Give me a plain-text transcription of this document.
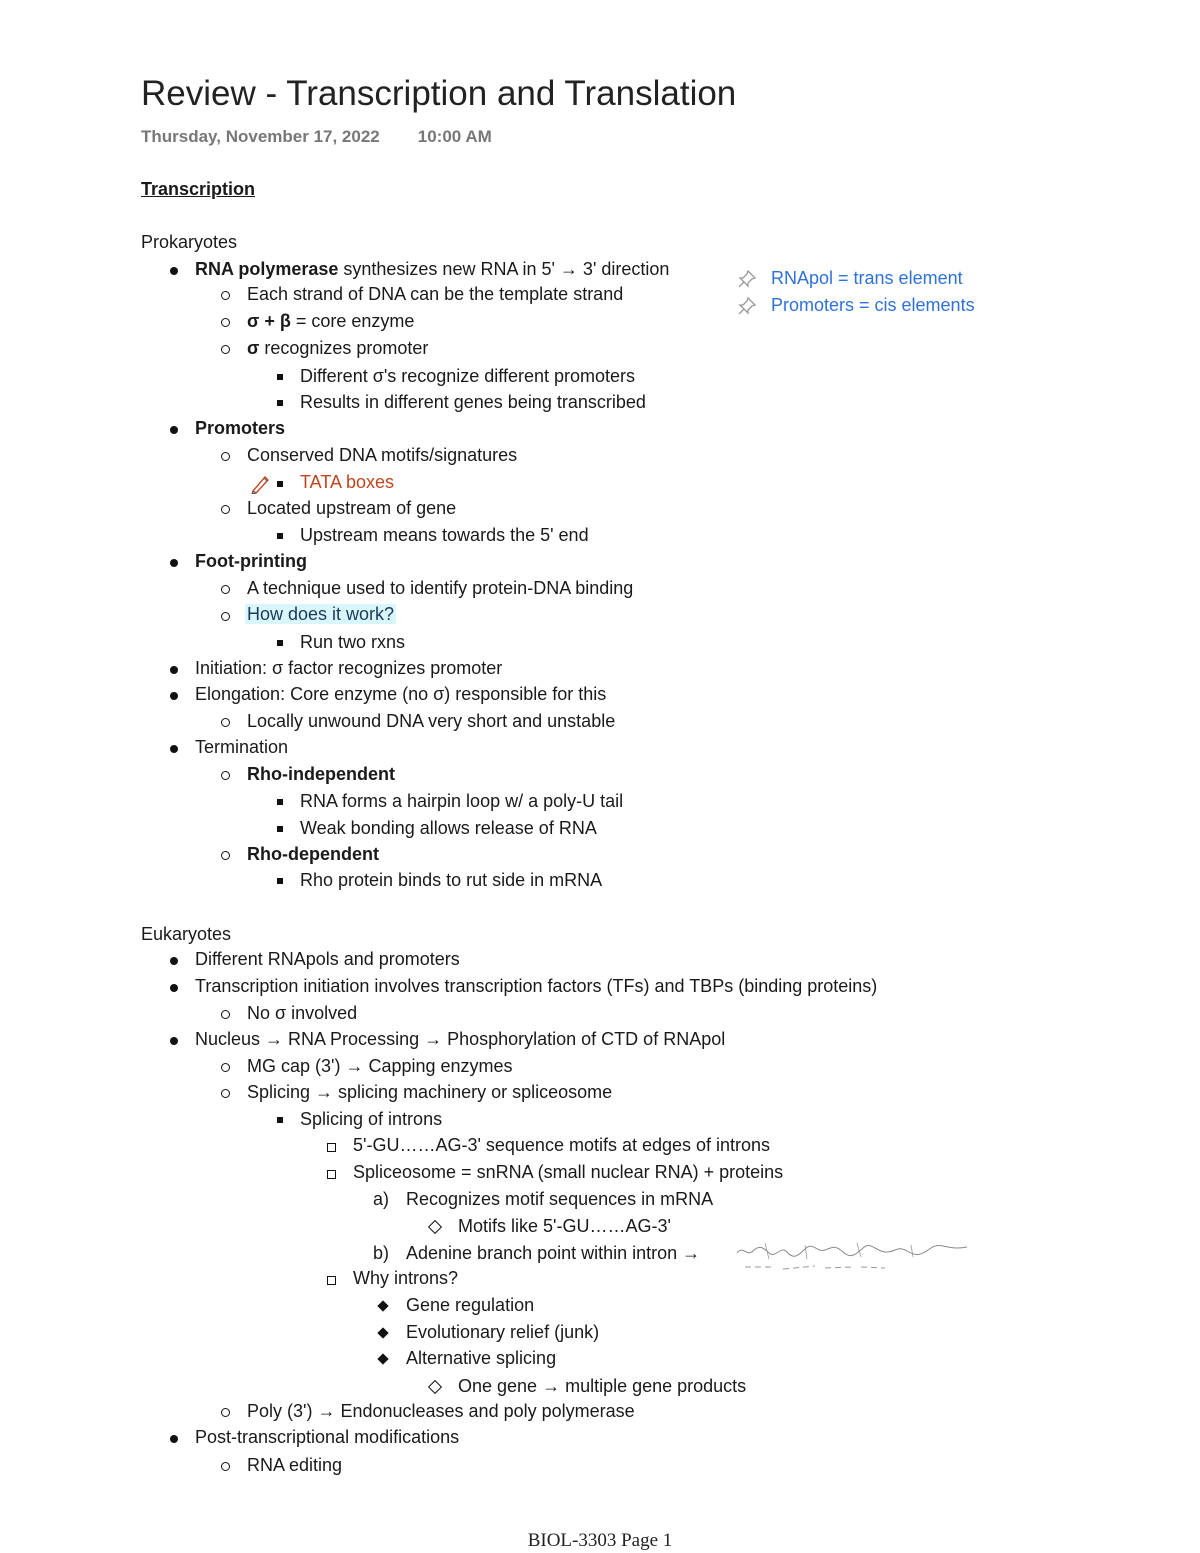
Review - Transcription and Translation
Thursday, November 17, 2022 10:00 AM
Transcription
Prokaryotes
RNA polymerase synthesizes new RNA in 5' → 3' direction
Each strand of DNA can be the template strand
σ + β = core enzyme
σ recognizes promoter
Different σ's recognize different promoters
Results in different genes being transcribed
Promoters
Conserved DNA motifs/signatures
TATA boxes
Located upstream of gene
Upstream means towards the 5' end
Foot-printing
A technique used to identify protein-DNA binding
How does it work?
Run two rxns
Initiation: σ factor recognizes promoter
Elongation: Core enzyme (no σ) responsible for this
Locally unwound DNA very short and unstable
Termination
Rho-independent
RNA forms a hairpin loop w/ a poly-U tail
Weak bonding allows release of RNA
Rho-dependent
Rho protein binds to rut side in mRNA
RNApol = trans element
Promoters = cis elements
Eukaryotes
Different RNApols and promoters
Transcription initiation involves transcription factors (TFs) and TBPs (binding proteins)
No σ involved
Nucleus → RNA Processing → Phosphorylation of CTD of RNApol
MG cap (3') → Capping enzymes
Splicing → splicing machinery or spliceosome
Splicing of introns
5'-GU……AG-3' sequence motifs at edges of introns
Spliceosome = snRNA (small nuclear RNA) + proteins
a) Recognizes motif sequences in mRNA
Motifs like 5'-GU……AG-3'
b) Adenine branch point within intron →
Why introns?
Gene regulation
Evolutionary relief (junk)
Alternative splicing
One gene → multiple gene products
Poly (3') → Endonucleases and poly polymerase
Post-transcriptional modifications
RNA editing
BIOL-3303 Page 1
